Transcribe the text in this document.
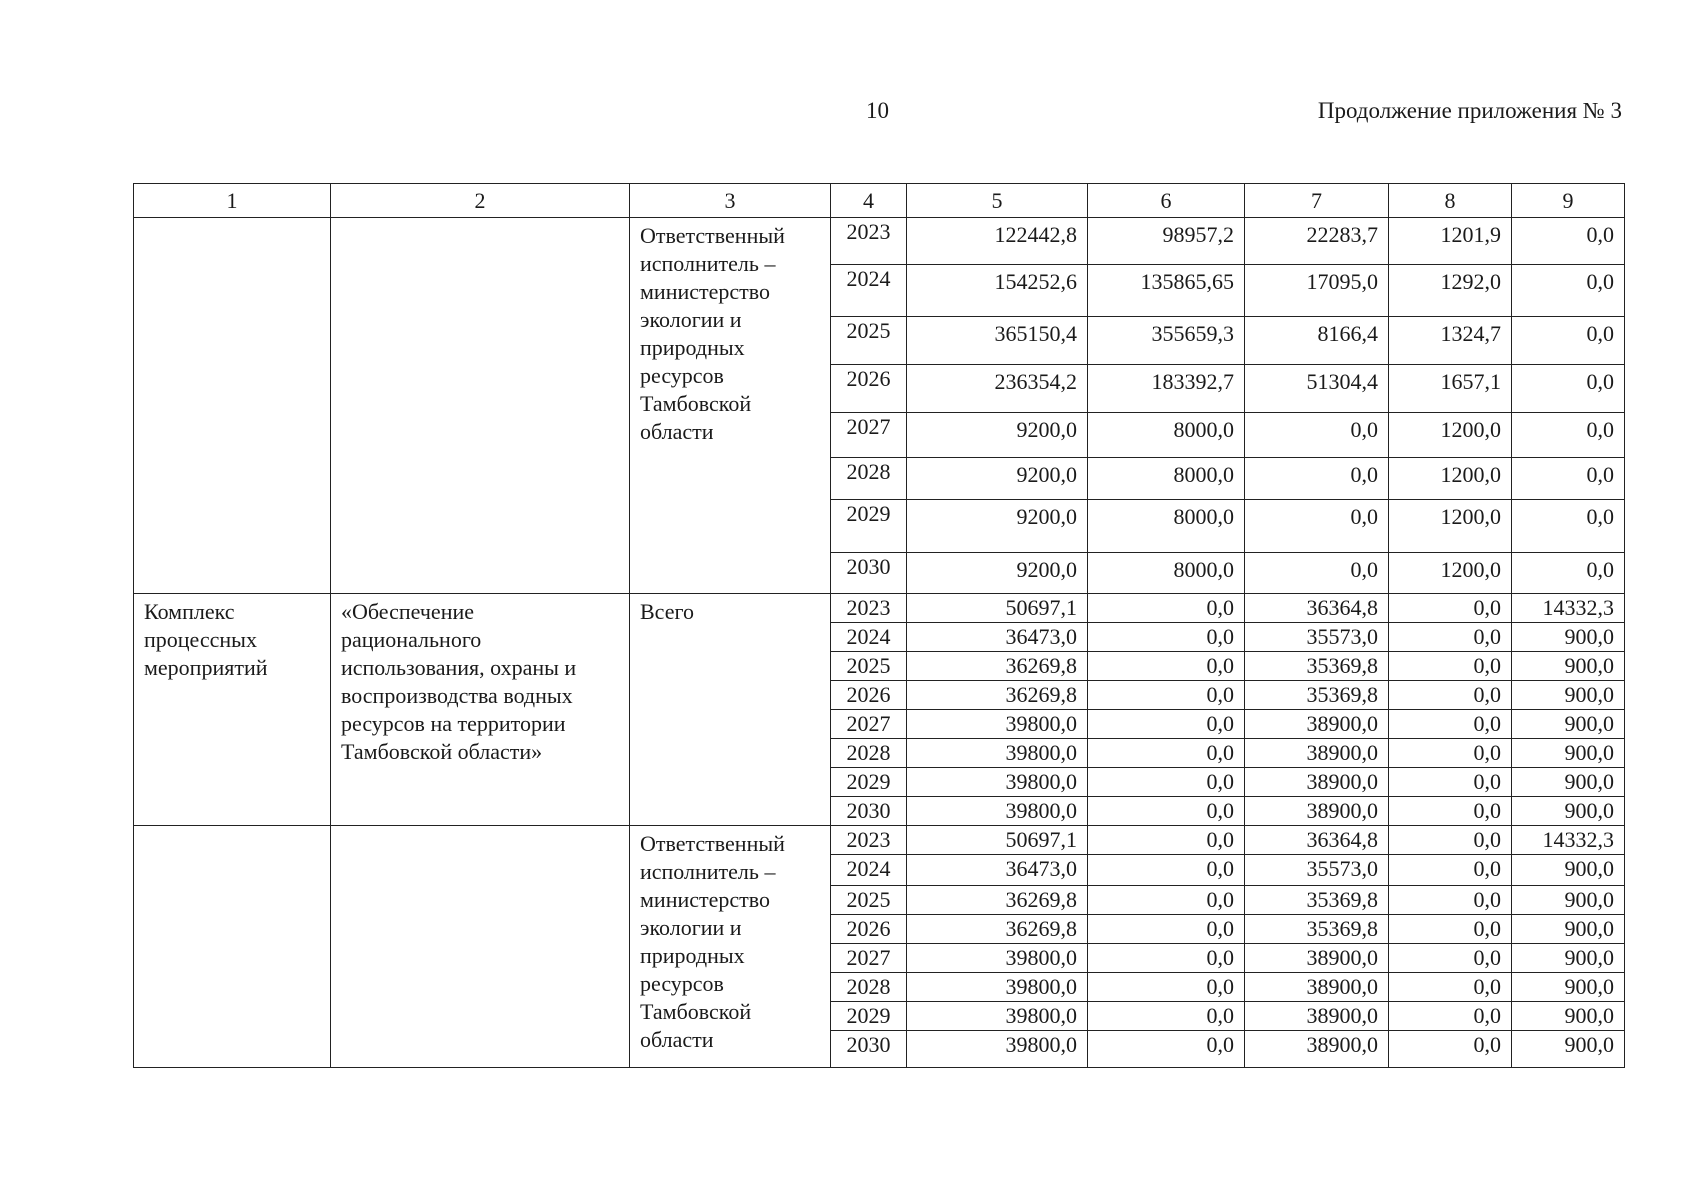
10	Продолжение приложения № 3
1	2	3	4	5	6	7	8	9
		Ответственный исполнитель – министерство экологии и природных ресурсов Тамбовской области	2023	122442,8	98957,2	22283,7	1201,9	0,0
			2024	154252,6	135865,65	17095,0	1292,0	0,0
			2025	365150,4	355659,3	8166,4	1324,7	0,0
			2026	236354,2	183392,7	51304,4	1657,1	0,0
			2027	9200,0	8000,0	0,0	1200,0	0,0
			2028	9200,0	8000,0	0,0	1200,0	0,0
			2029	9200,0	8000,0	0,0	1200,0	0,0
			2030	9200,0	8000,0	0,0	1200,0	0,0
Комплекс процессных мероприятий	«Обеспечение рационального использования, охраны и воспроизводства водных ресурсов на территории Тамбовской области»	Всего	2023	50697,1	0,0	36364,8	0,0	14332,3
			2024	36473,0	0,0	35573,0	0,0	900,0
			2025	36269,8	0,0	35369,8	0,0	900,0
			2026	36269,8	0,0	35369,8	0,0	900,0
			2027	39800,0	0,0	38900,0	0,0	900,0
			2028	39800,0	0,0	38900,0	0,0	900,0
			2029	39800,0	0,0	38900,0	0,0	900,0
			2030	39800,0	0,0	38900,0	0,0	900,0
		Ответственный исполнитель – министерство экологии и природных ресурсов Тамбовской области	2023	50697,1	0,0	36364,8	0,0	14332,3
			2024	36473,0	0,0	35573,0	0,0	900,0
			2025	36269,8	0,0	35369,8	0,0	900,0
			2026	36269,8	0,0	35369,8	0,0	900,0
			2027	39800,0	0,0	38900,0	0,0	900,0
			2028	39800,0	0,0	38900,0	0,0	900,0
			2029	39800,0	0,0	38900,0	0,0	900,0
			2030	39800,0	0,0	38900,0	0,0	900,0
